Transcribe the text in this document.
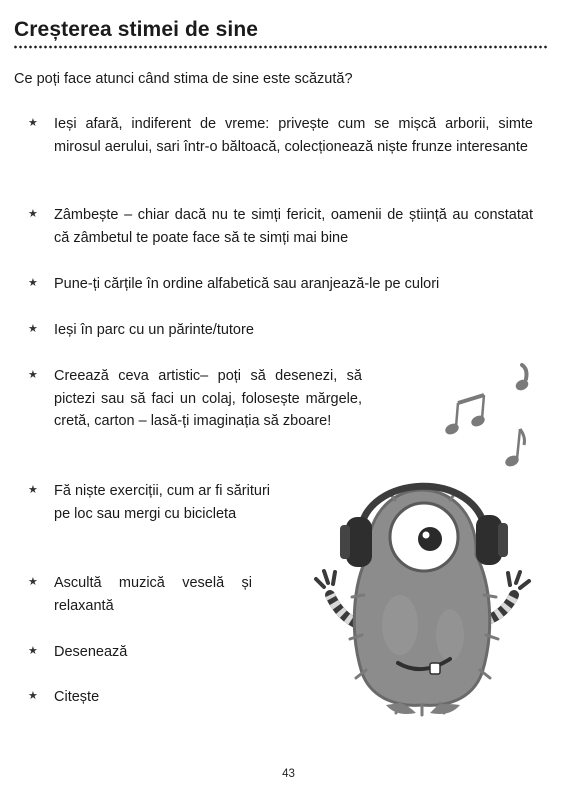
Creșterea stimei de sine

Ce poți face atunci când stima de sine este scăzută?

★ Ieși afară, indiferent de vreme: privește cum se mișcă arborii, simte mirosul aerului, sari într-o băltoacă, colecționează niște frunze interesante
★ Zâmbește – chiar dacă nu te simți fericit, oamenii de știință au constatat că zâmbetul te poate face să te simți mai bine
★ Pune-ți cărțile în ordine alfabetică sau aranjează-le pe culori
★ Ieși în parc cu un părinte/tutore
★ Creează ceva artistic– poți să desenezi, să pictezi sau să faci un colaj, folosește mărgele, cretă, carton – lasă-ți imaginația să zboare!
★ Fă niște exerciții, cum ar fi sărituri pe loc sau mergi cu bicicleta
★ Ascultă muzică veselă și relaxantă
★ Desenează
★ Citește
43
